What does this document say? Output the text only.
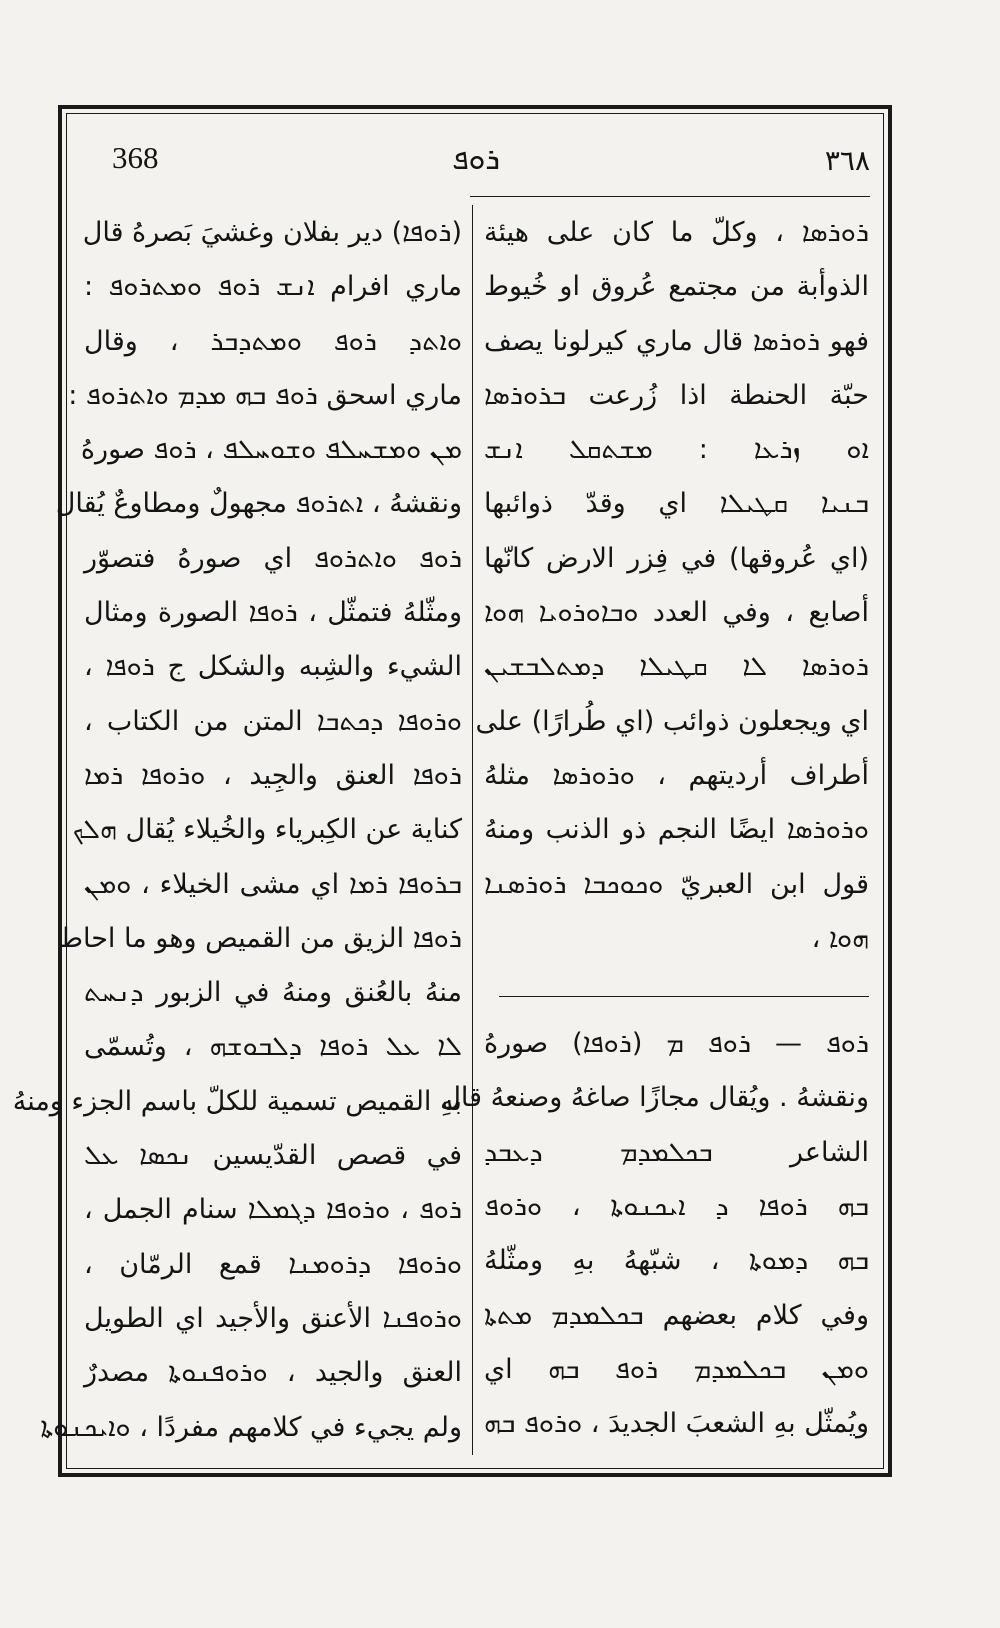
368	ܪܘܦ	٣٦٨
ܪܘܪܣܐ ، وكلّ ما كان على هيئة
الذوأبة من مجتمع عُروق او خُيوط
فهو ܪܘܪܣܐ قال ماري كيرلونا يصف
حبّة الحنطة اذا زُرعت ܒܪܘܪܣܐ
ܐܘ ܙܪܥܐ : ܡܫܬܩܠ ܐܢܫ
ܒܢܝܐ ܩܛܝܠܐ اي وقدّ ذوائبها
(اي عُروقها) في فِزر الارض كانّها
أصابع ، وفي العدد ܘܒܐܘܪܘܝܐ ܗܘܐ
ܪܘܪܣܐ ܠܐ ܩܛܝܠܐ ܕܡܬܠܒܫܝܢ
اي ويجعلون ذوائب (اي طُرارًا) على
أطراف أرديتهم ، ܘܪܘܪܣܐ مثلهُ
ܘܪܘܪܣܐ ايضًا النجم ذو الذنب ومنهُ
قول ابن العبريّ ܘܟܘܟܒܐ ܪܘܪܣܢܐ
ܗܘܐ ،
ܪܘܦ — ܪܘܦ ܡ (ܪܘܦܐ) صورهُ
ونقشهُ . ويُقال مجازًا صاغهُ وصنعهُ قال
الشاعر ܒܟܠܡܕܡ ܕܥܒܕ
ܒܗ ܪܘܦܐ ܕ ܐܝܟܢܘܬܐ ، ܘܪܘܦ
ܒܗ ܕܡܘܬܐ ، شبّههُ بهِ ومثّلهُ
وفي كلام بعضهم ܒܟܠܡܕܡ ܡܬܬܐ
ܘܡܢ ܒܟܠܡܕܡ ܪܘܦ ܒܗ اي
ويُمثّل بهِ الشعبَ الجديدَ ، ܘܪܘܦ ܒܗ
(ܪܘܦܐ) دير بفلان وغشيَ بَصرهُ قال
ماري افرام ܐܢܫ ܪܘܦ ܘܡܬܪܘܦ :
ܘܐܬܕ ܪܘܦ ܘܡܬܕܒܪ ، وقال
ماري اسحق ܪܘܦ ܒܗ ܡܕܡ ܘܐܬܪܘܦ :
ܡܢ ܘܡܫܚܠܦ ܘܫܘܚܠܦ ، ܪܘܦ صورهُ
ونقشهُ ، ܐܬܪܘܦ مجهولٌ ومطاوعٌ يُقال
ܪܘܦ ܘܐܬܪܘܦ اي صورهُ فتصوّر
ومثّلهُ فتمثّل ، ܪܘܦܐ الصورة ومثال
الشيء والشِبه والشكل ج ܪܘܦܐ ،
ܘܪܘܦܐ ܕܟܬܒܐ المتن من الكتاب ،
ܪܘܦܐ العنق والجِيد ، ܘܪܘܦܐ ܪܡܐ
كناية عن الكِبرياء والخُيلاء يُقال ܗܠܟ
ܒܪܘܦܐ ܪܡܐ اي مشى الخيلاء ، ܘܡܢ
ܪܘܦܐ الزيق من القميص وهو ما احاط
منهُ بالعُنق ومنهُ في الزبور ܕܢܚܬ
ܠܐ ܥܠ ܪܘܦܐ ܕܠܒܘܫܗ ، وتُسمّى
بهِ القميص تسمية للكلّ باسم الجزء ومنهُ
في قصص القدّيسين ܢܟܣܐ ܥܠ
ܪܘܦ ، ܘܪܘܦܐ ܕܓܡܠܐ سنام الجمل ،
ܘܪܘܦܐ ܕܪܘܡܢܐ قمع الرمّان ،
ܘܪܘܦܢܐ الأعنق والأجيد اي الطويل
العنق والجيد ، ܘܪܘܦܢܘܬܐ مصدرٌ
ولم يجيء في كلامهم مفردًا ، ܘܐܝܟܢܘܬܐ
